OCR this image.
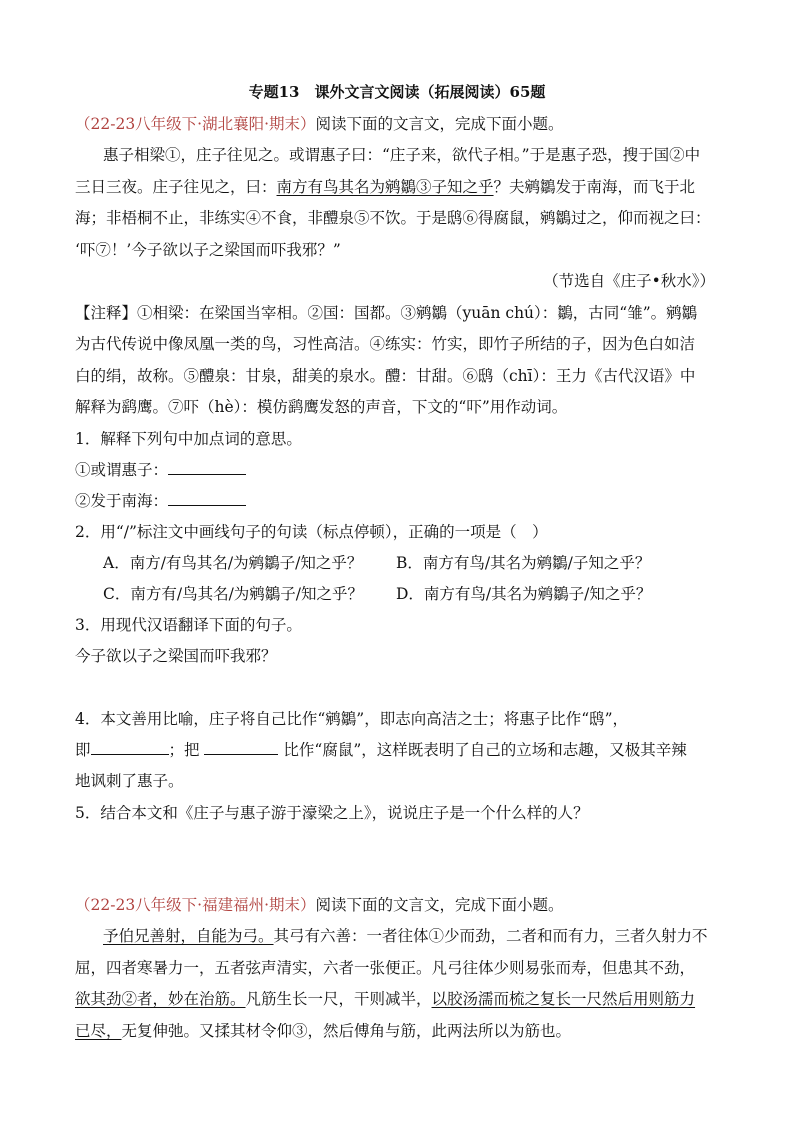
专题13　课外文言文阅读（拓展阅读）65题
（22-23八年级下·湖北襄阳·期末）阅读下面的文言文，完成下面小题。
惠子相梁①，庄子往见之。或谓惠子曰：“庄子来，欲代子相。”于是惠子恐，搜于国②中
三日三夜。庄子往见之，曰：南方有鸟其名为鹓鶵③子知之乎？夫鹓鶵发于南海，而飞于北
海；非梧桐不止，非练实④不食，非醴泉⑤不饮。于是鸱⑥得腐鼠，鹓鶵过之，仰而视之曰：
‘吓⑦！’今子欲以子之梁国而吓我邪？”
（节选自《庄子•秋水》）
【注释】①相梁：在梁国当宰相。②国：国都。③鹓鶵（yuān chú）：鶵，古同“雏”。鹓鶵
为古代传说中像凤凰一类的鸟，习性高洁。④练实：竹实，即竹子所结的子，因为色白如洁
白的绢，故称。⑤醴泉：甘泉，甜美的泉水。醴：甘甜。⑥鸱（chī）：王力《古代汉语》中
解释为鹞鹰。⑦吓（hè）：模仿鹞鹰发怒的声音，下文的“吓”用作动词。
1．解释下列句中加点词的意思。
①或谓惠子：
②发于南海：
2．用“/”标注文中画线句子的句读（标点停顿），正确的一项是（　）
A．南方/有鸟其名/为鹓鶵子/知之乎？ B．南方有鸟/其名为鹓鶵/子知之乎？
C．南方有/鸟其名/为鹓鶵子/知之乎？ D．南方有鸟/其名为鹓鶵子/知之乎？
3．用现代汉语翻译下面的句子。
今子欲以子之梁国而吓我邪？
4．本文善用比喻，庄子将自己比作“鹓鶵”，即志向高洁之士；将惠子比作“鸱”，
即	；把	比作“腐鼠”，这样既表明了自己的立场和志趣，又极其辛辣
地讽刺了惠子。
5．结合本文和《庄子与惠子游于濠梁之上》，说说庄子是一个什么样的人？
（22-23八年级下·福建福州·期末）阅读下面的文言文，完成下面小题。
予伯兄善射，自能为弓。其弓有六善：一者往体①少而劲，二者和而有力，三者久射力不
屈，四者寒暑力一，五者弦声清实，六者一张便正。凡弓往体少则易张而寿，但患其不劲，
欲其劲②者，妙在治筋。凡筋生长一尺，干则减半，以胶汤濡而梳之复长一尺然后用则筋力
已尽，无复伸弛。又揉其材令仰③，然后傅角与筋，此两法所以为筋也。
